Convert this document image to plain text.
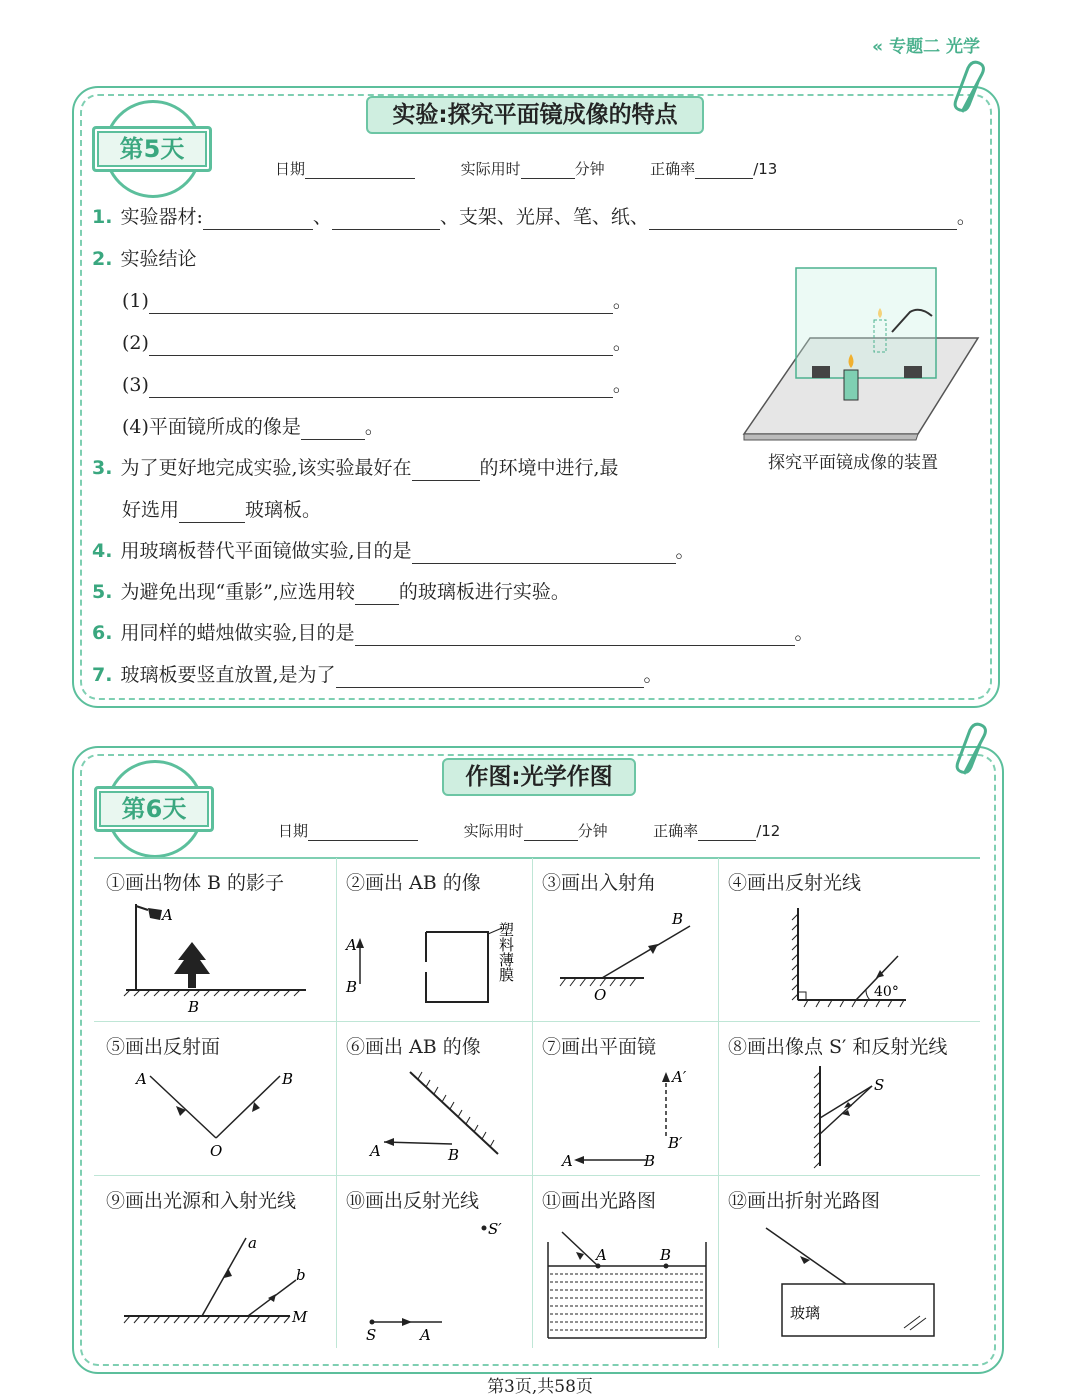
« 专题二 光学
实验:探究平面镜成像的特点
第5天
日期	实际用时	分钟	正确率	/13
1. 实验器材:	、	、支架、光屏、笔、纸、	。
2. 实验结论
(1)	。
(2)	。
(3)	。
(4)平面镜所成的像是	。
3. 为了更好地完成实验,该实验最好在	的环境中进行,最
好选用	玻璃板。
4. 用玻璃板替代平面镜做实验,目的是	。
5. 为避免出现“重影”,应选用较 的玻璃板进行实验。
6. 用同样的蜡烛做实验,目的是	。
7. 玻璃板要竖直放置,是为了	。
探究平面镜成像的装置
作图:光学作图
第6天
日期	实际用时	分钟	正确率	/12
①画出物体 B 的影子	②画出 AB 的像	③画出入射角	④画出反射光线
⑤画出反射面	⑥画出 AB 的像	⑦画出平面镜	⑧画出像点 S′ 和反射光线
⑨画出光源和入射光线	⑩画出反射光线	⑪画出光路图	⑫画出折射光路图
A
B
A
B
塑料薄膜
B
O	40°
A	B
O	A	B
A′
B′
A	B
S
a
b
M
S′
S	A
A	B
玻璃
第3页,共58页
